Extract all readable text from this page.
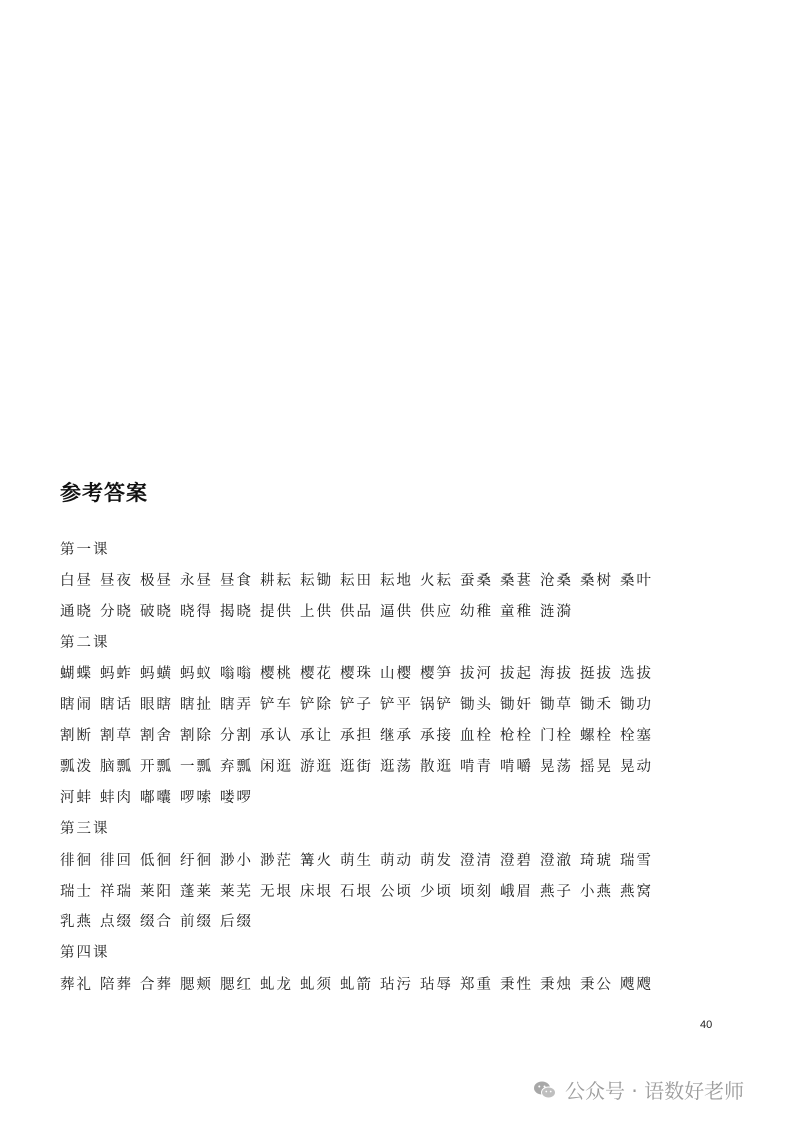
参考答案
第一课
白昼 昼夜 极昼 永昼 昼食 耕耘 耘锄 耘田 耘地 火耘 蚕桑 桑葚 沧桑 桑树 桑叶
通晓 分晓 破晓 晓得 揭晓 提供 上供 供品 逼供 供应 幼稚 童稚 涟漪
第二课
蝴蝶 蚂蚱 蚂蟥 蚂蚁 嗡嗡 樱桃 樱花 樱珠 山樱 樱笋 拔河 拔起 海拔 挺拔 选拔
瞎闹 瞎话 眼瞎 瞎扯 瞎弄 铲车 铲除 铲子 铲平 锅铲 锄头 锄奸 锄草 锄禾 锄功
割断 割草 割舍 割除 分割 承认 承让 承担 继承 承接 血栓 枪栓 门栓 螺栓 栓塞
瓢泼 脑瓢 开瓢 一瓢 弃瓢 闲逛 游逛 逛街 逛荡 散逛 啃青 啃嚼 晃荡 摇晃 晃动
河蚌 蚌肉 嘟囔 啰嗦 喽啰
第三课
徘徊 徘回 低徊 纡徊 渺小 渺茫 篝火 萌生 萌动 萌发 澄清 澄碧 澄澈 琦琥 瑞雪
瑞士 祥瑞 莱阳 蓬莱 莱芜 无垠 床垠 石垠 公顷 少顷 顷刻 峨眉 燕子 小燕 燕窝
乳燕 点缀 缀合 前缀 后缀
第四课
葬礼 陪葬 合葬 腮颊 腮红 虬龙 虬须 虬箭 玷污 玷辱 郑重 秉性 秉烛 秉公 飕飕
40
公众号 · 语数好老师
